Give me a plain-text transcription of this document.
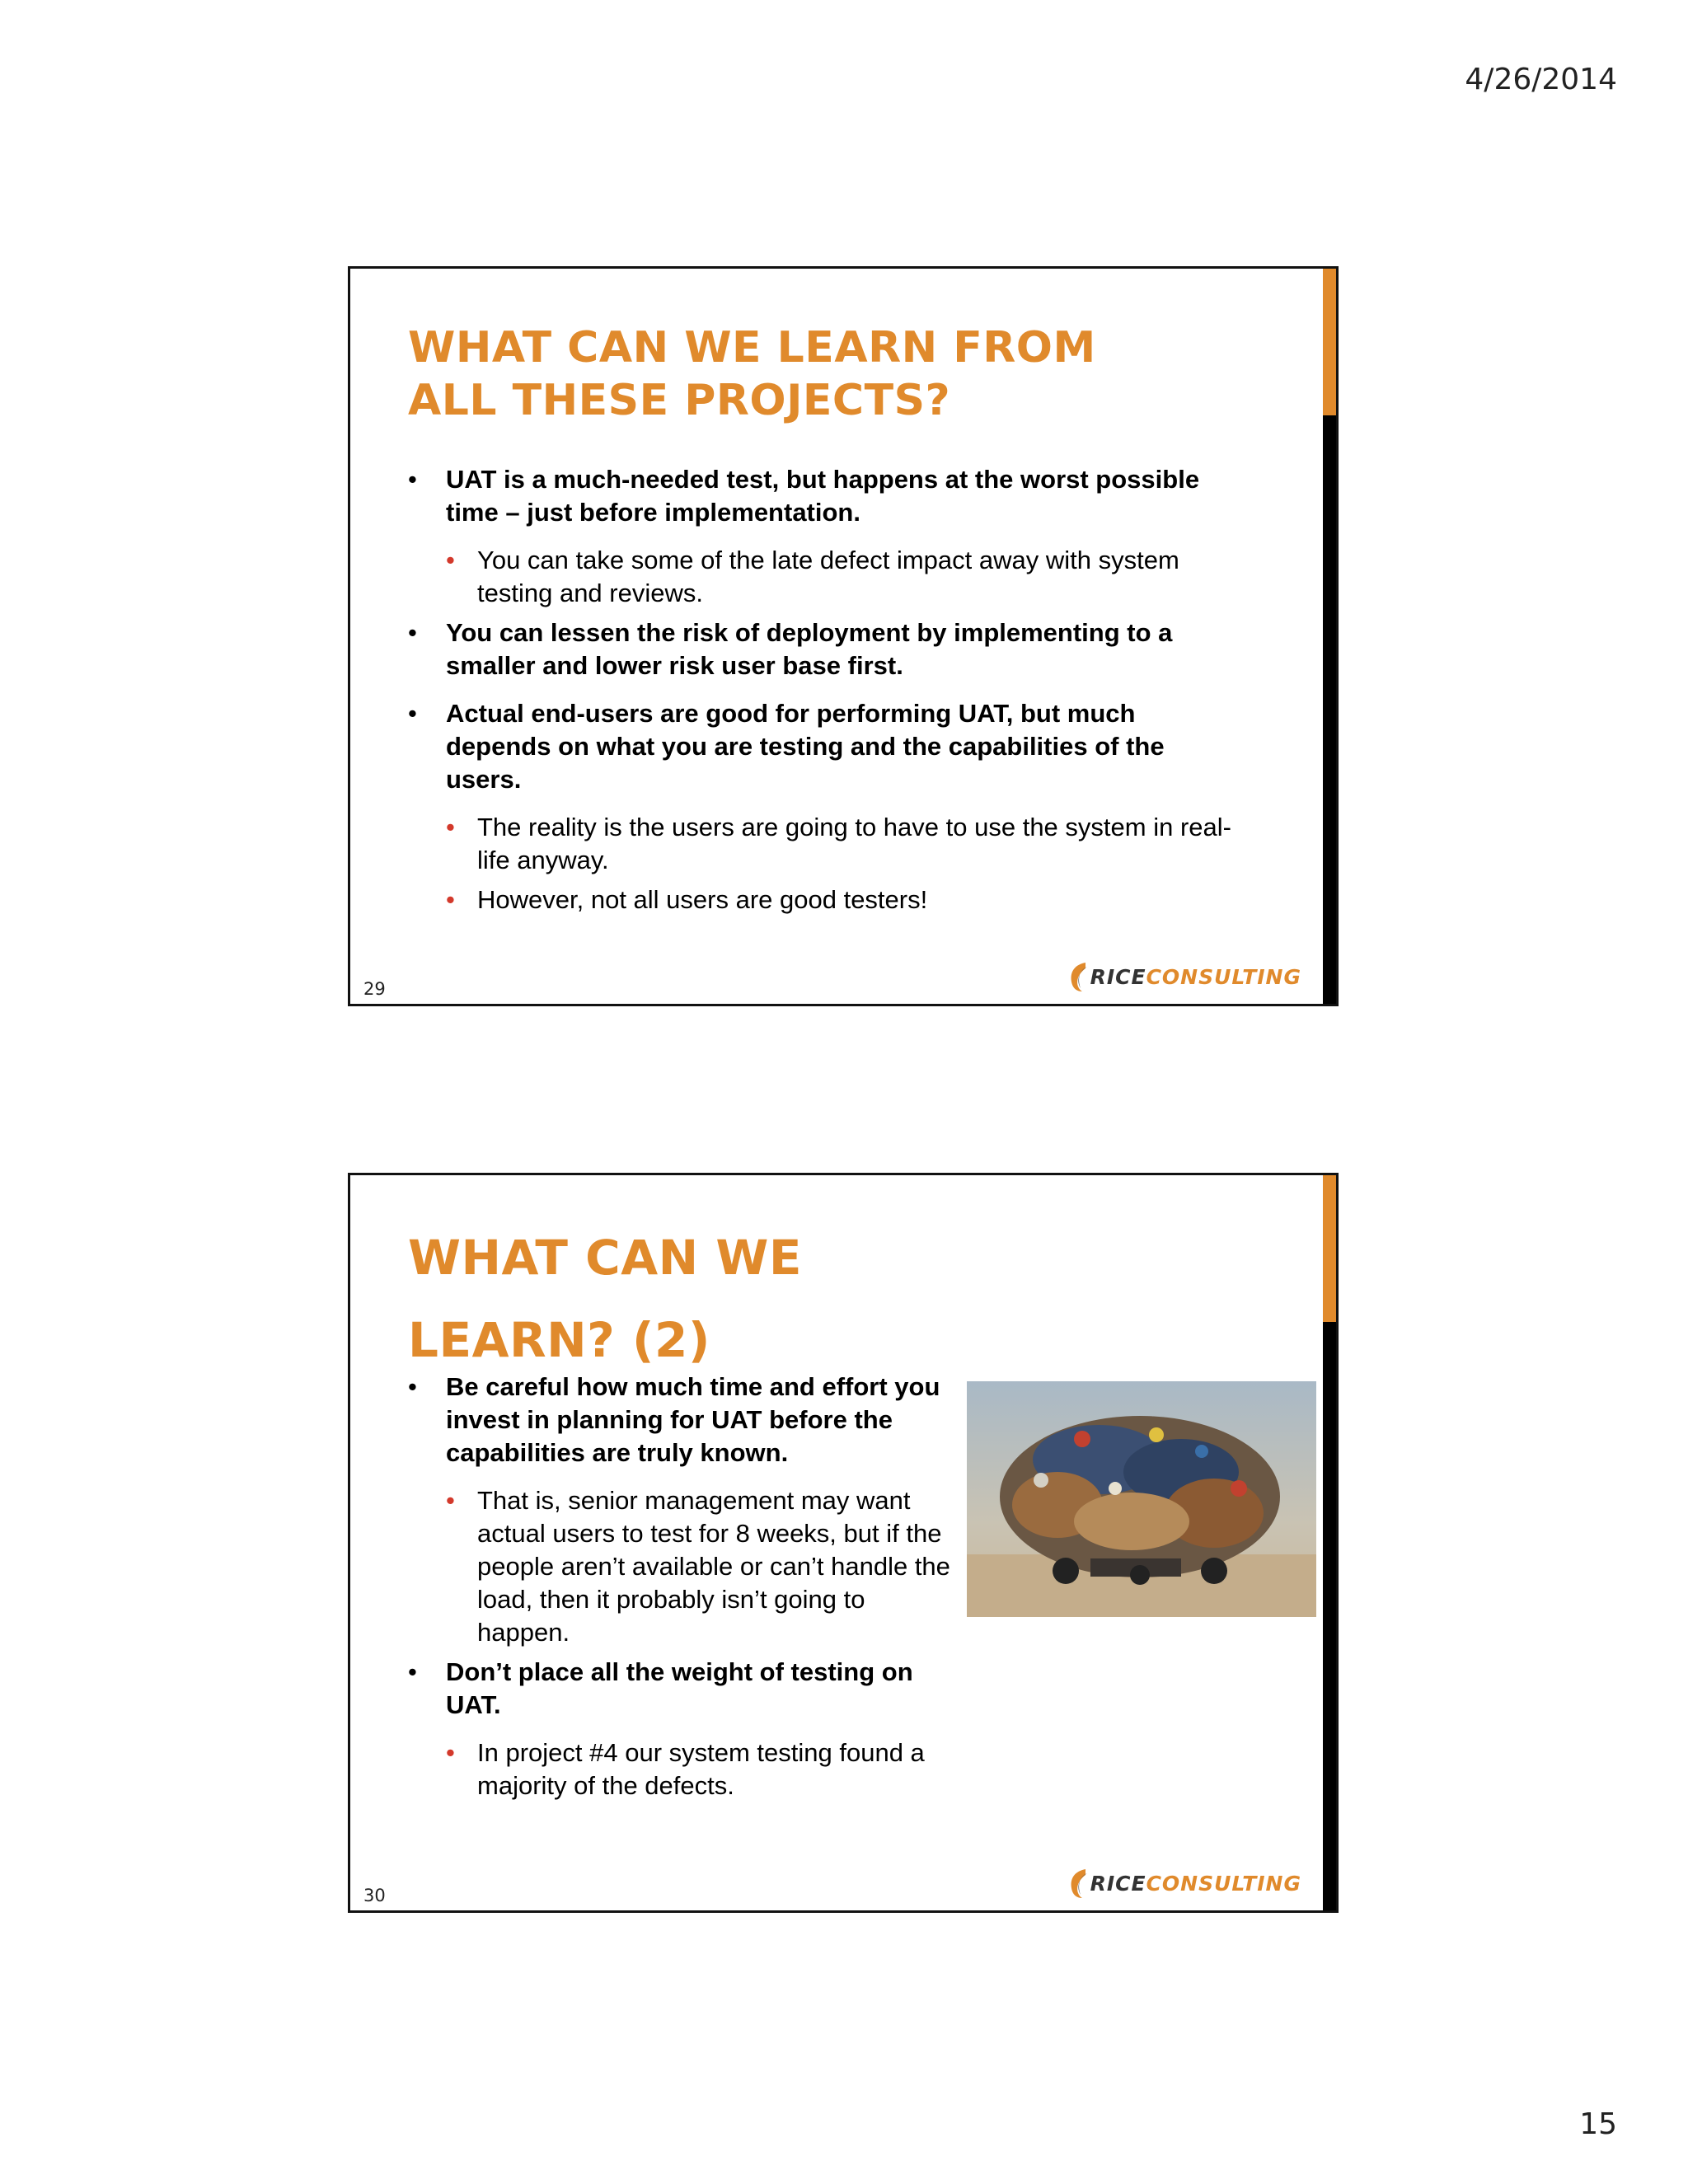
4/26/2014
WHAT CAN WE LEARN FROM
ALL THESE PROJECTS?
• UAT is a much-needed test, but happens at the worst possible time – just before implementation.
• You can take some of the late defect impact away with system testing and reviews.
• You can lessen the risk of deployment by implementing to a smaller and lower risk user base first.
• Actual end-users are good for performing UAT, but much depends on what you are testing and the capabilities of the users.
• The reality is the users are going to have to use the system in real-life anyway.
• However, not all users are good testers!
29
RICECONSULTING
WHAT CAN WE
LEARN? (2)
• Be careful how much time and effort you invest in planning for UAT before the capabilities are truly known.
• That is, senior management may want actual users to test for 8 weeks, but if the people aren’t available or can’t handle the load, then it probably isn’t going to happen.
• Don’t place all the weight of testing on UAT.
• In project #4 our system testing found a majority of the defects.
30
RICECONSULTING
15
